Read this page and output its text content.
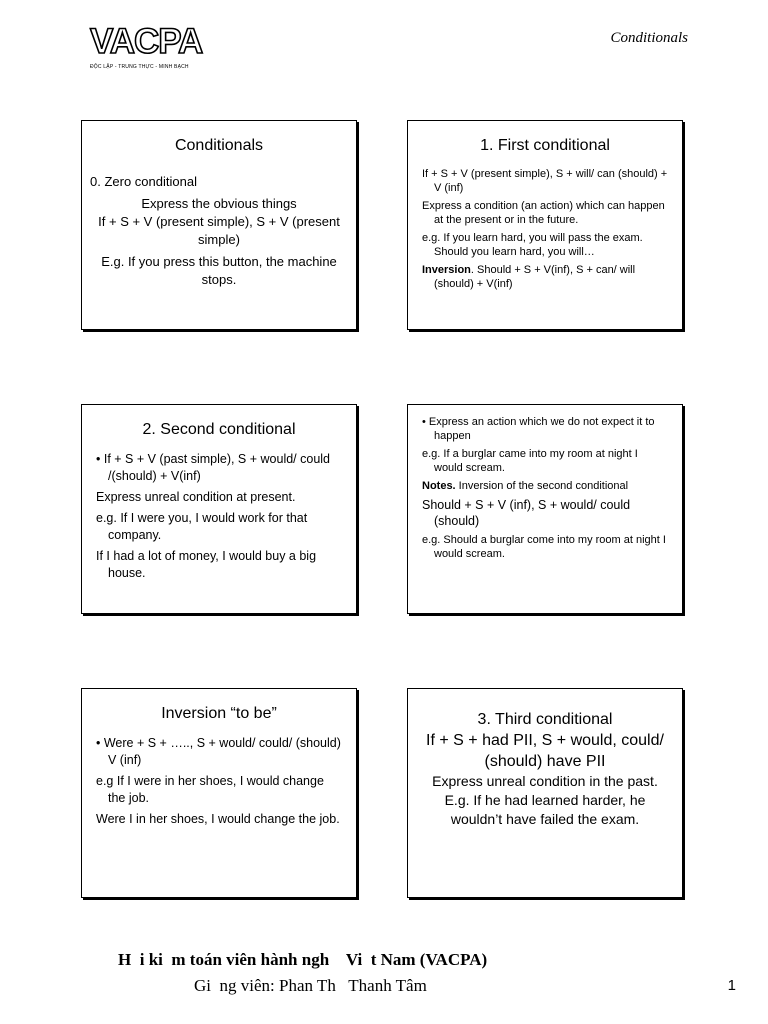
VACPA
ĐỘC LẬP - TRUNG THỰC - MINH BẠCH
Conditionals
Conditionals
0. Zero conditional
Express the obvious things
If + S + V (present simple), S + V (present simple)
E.g. If you press this button, the machine stops.
1. First conditional
If + S + V (present simple), S + will/ can (should) + V (inf)
Express a condition (an action) which can happen at the present or in the future.
e.g. If you learn hard, you will pass the exam. Should you learn hard, you will…
Inversion. Should + S + V(inf), S + can/ will (should) + V(inf)
2. Second conditional
• If + S + V (past simple), S + would/ could /(should) + V(inf)
Express unreal condition at present.
e.g. If I were you, I would work for that company.
If I had a lot of money, I would buy a big house.
• Express an action which we do not expect it to happen
e.g. If a burglar came into my room at night I would scream.
Notes. Inversion of the second conditional
Should + S + V (inf), S + would/ could (should)
e.g. Should a burglar come into my room at night I would scream.
Inversion “to be”
• Were + S + ….., S + would/ could/ (should) V (inf)
e.g If I were in her shoes, I would change the job.
Were I in her shoes, I would change the job.
3. Third conditional
If + S + had PII, S + would, could/ (should) have PII
Express unreal condition in the past.
E.g. If he had learned harder, he wouldn’t have failed the exam.
H  i ki  m toán viên hành ngh    Vi  t Nam (VACPA)
Gi  ng viên: Phan Th   Thanh Tâm	1
